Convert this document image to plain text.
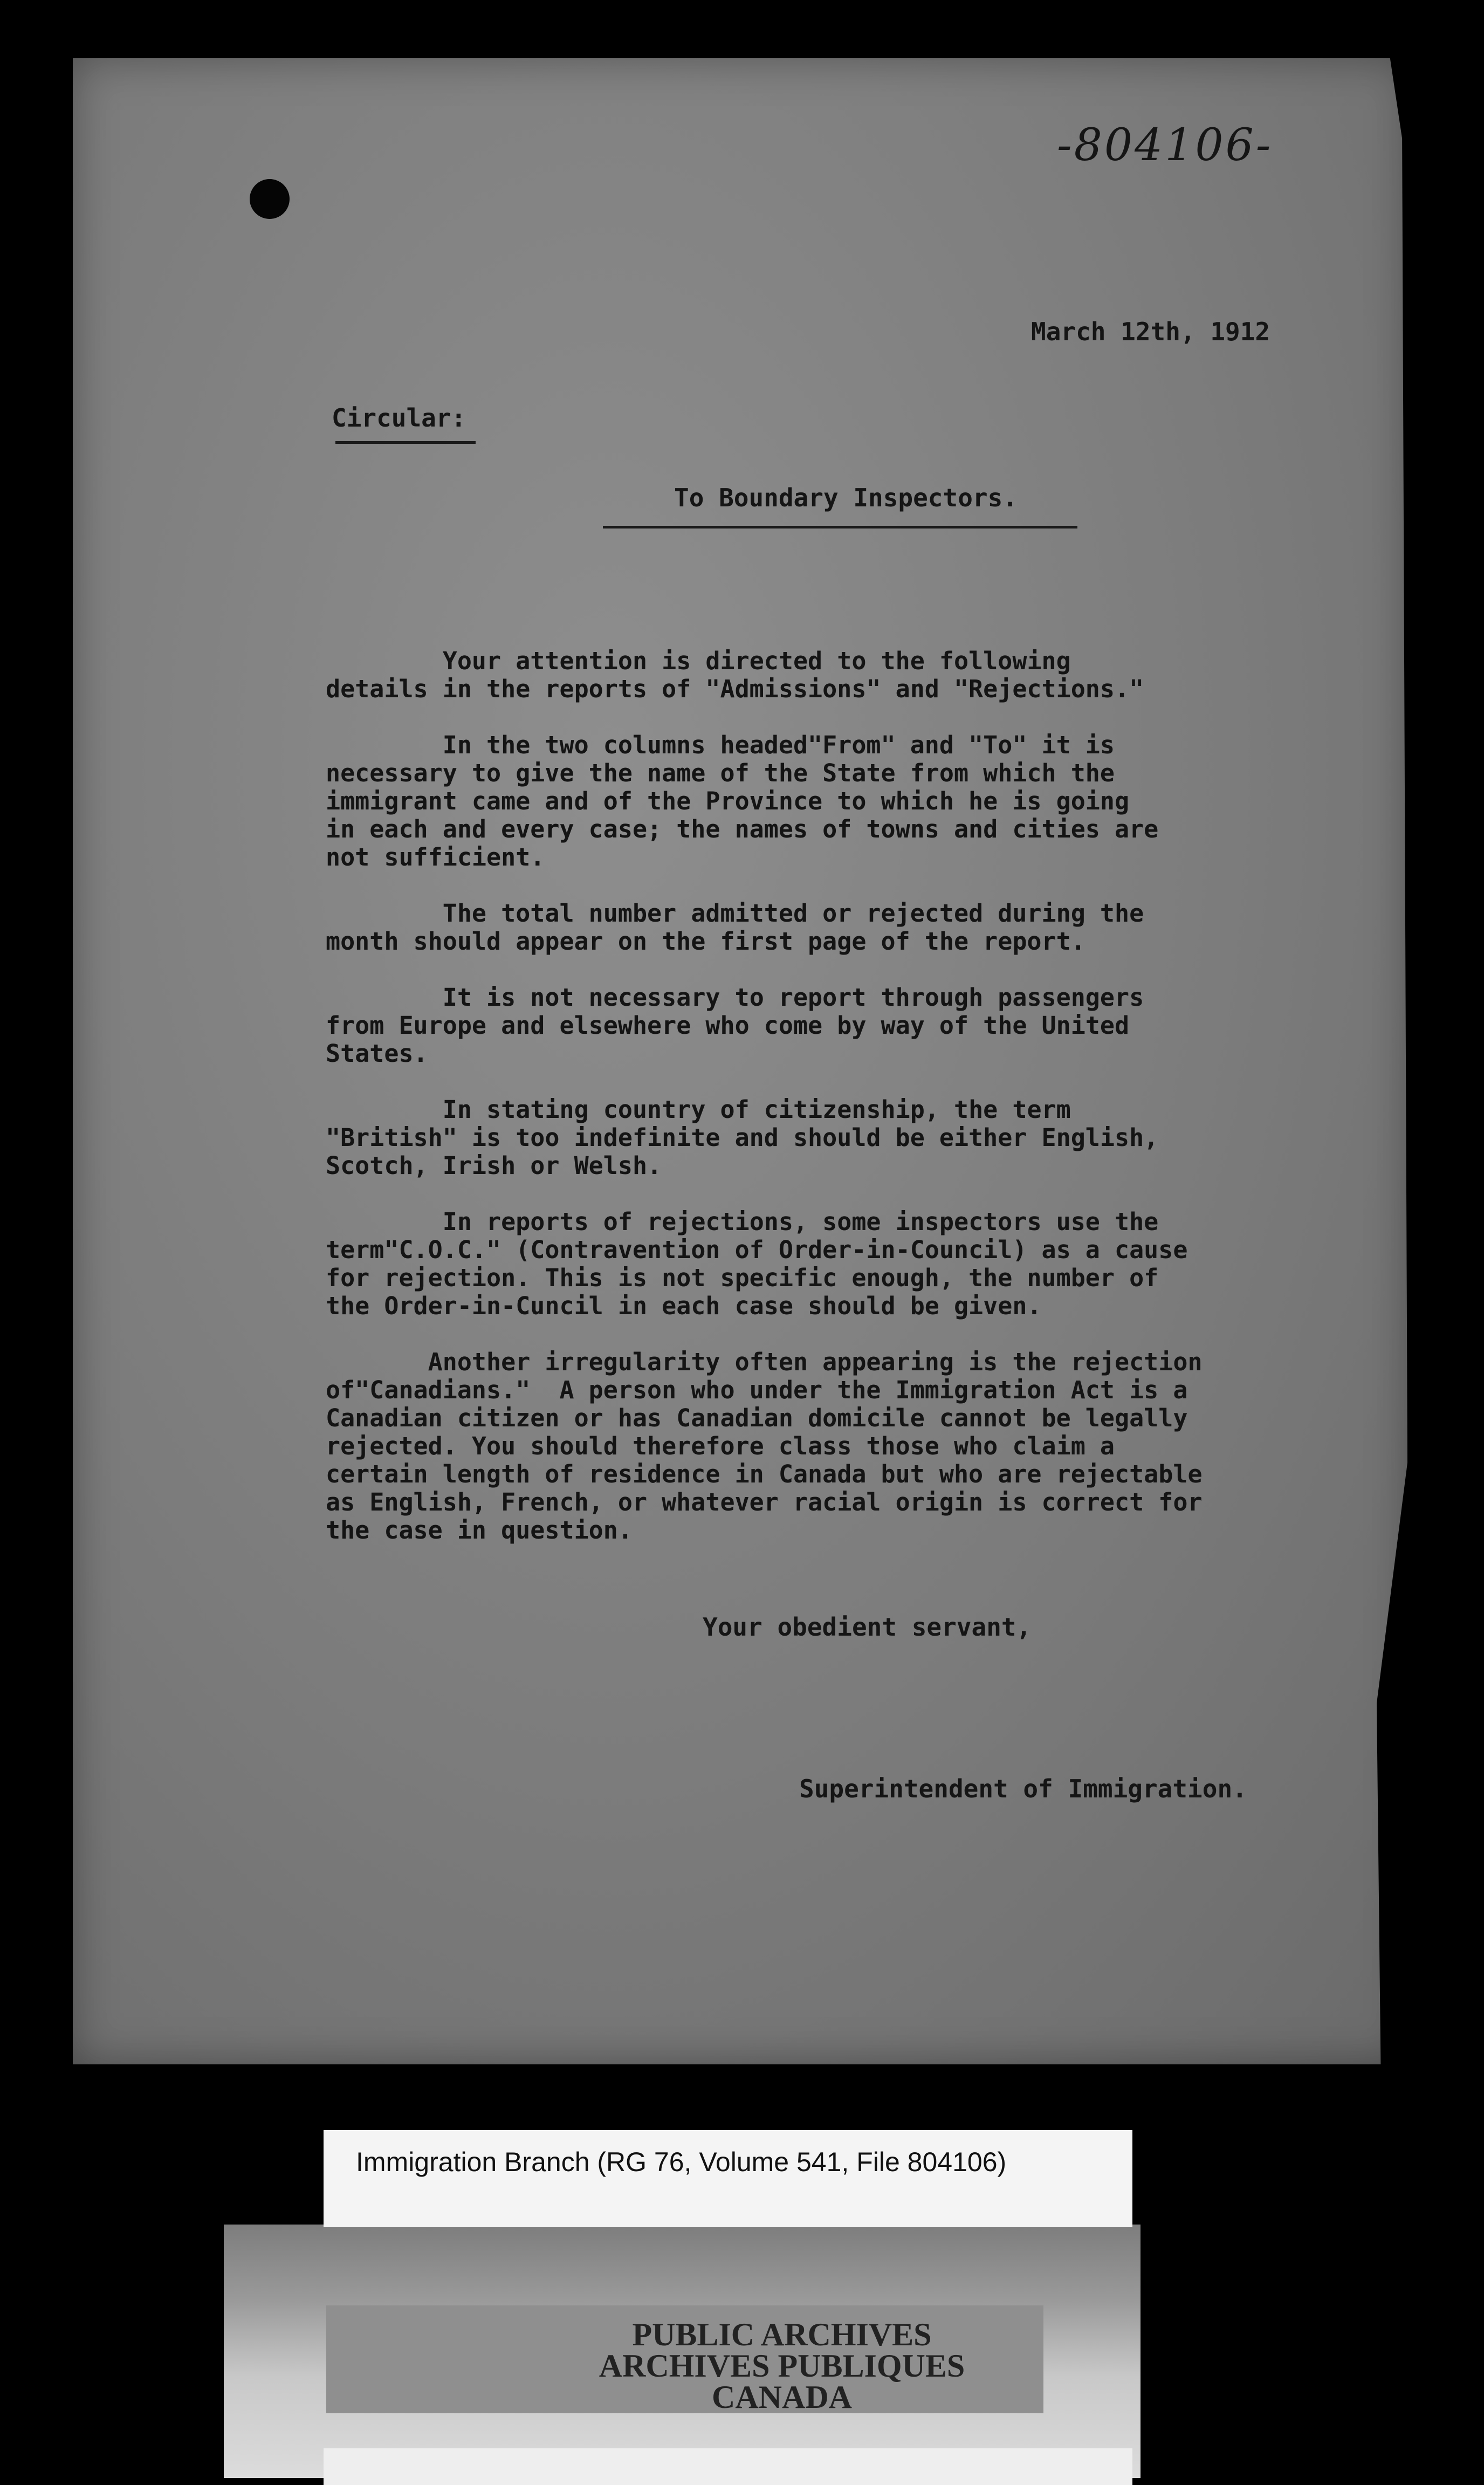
-804106-
March 12th, 1912
Circular:
To Boundary Inspectors.

Your attention is directed to the following
details in the reports of "Admissions" and "Rejections."

In the two columns headed"From" and "To" it is
necessary to give the name of the State from which the
immigrant came and of the Province to which he is going
in each and every case; the names of towns and cities are
not sufficient.

The total number admitted or rejected during the
month should appear on the first page of the report.

It is not necessary to report through passengers
from Europe and elsewhere who come by way of the United
States.

In stating country of citizenship, the term
"British" is too indefinite and should be either English,
Scotch, Irish or Welsh.

In reports of rejections, some inspectors use the
term"C.O.C." (Contravention of Order-in-Council) as a cause
for rejection. This is not specific enough, the number of
the Order-in-Cuncil in each case should be given.

Another irregularity often appearing is the rejection
of"Canadians."  A person who under the Immigration Act is a
Canadian citizen or has Canadian domicile cannot be legally
rejected. You should therefore class those who claim a
certain length of residence in Canada but who are rejectable
as English, French, or whatever racial origin is correct for
the case in question.

Your obedient servant,
Superintendent of Immigration.
Immigration Branch (RG 76, Volume 541, File 804106)
PUBLIC ARCHIVES
ARCHIVES PUBLIQUES
CANADA
